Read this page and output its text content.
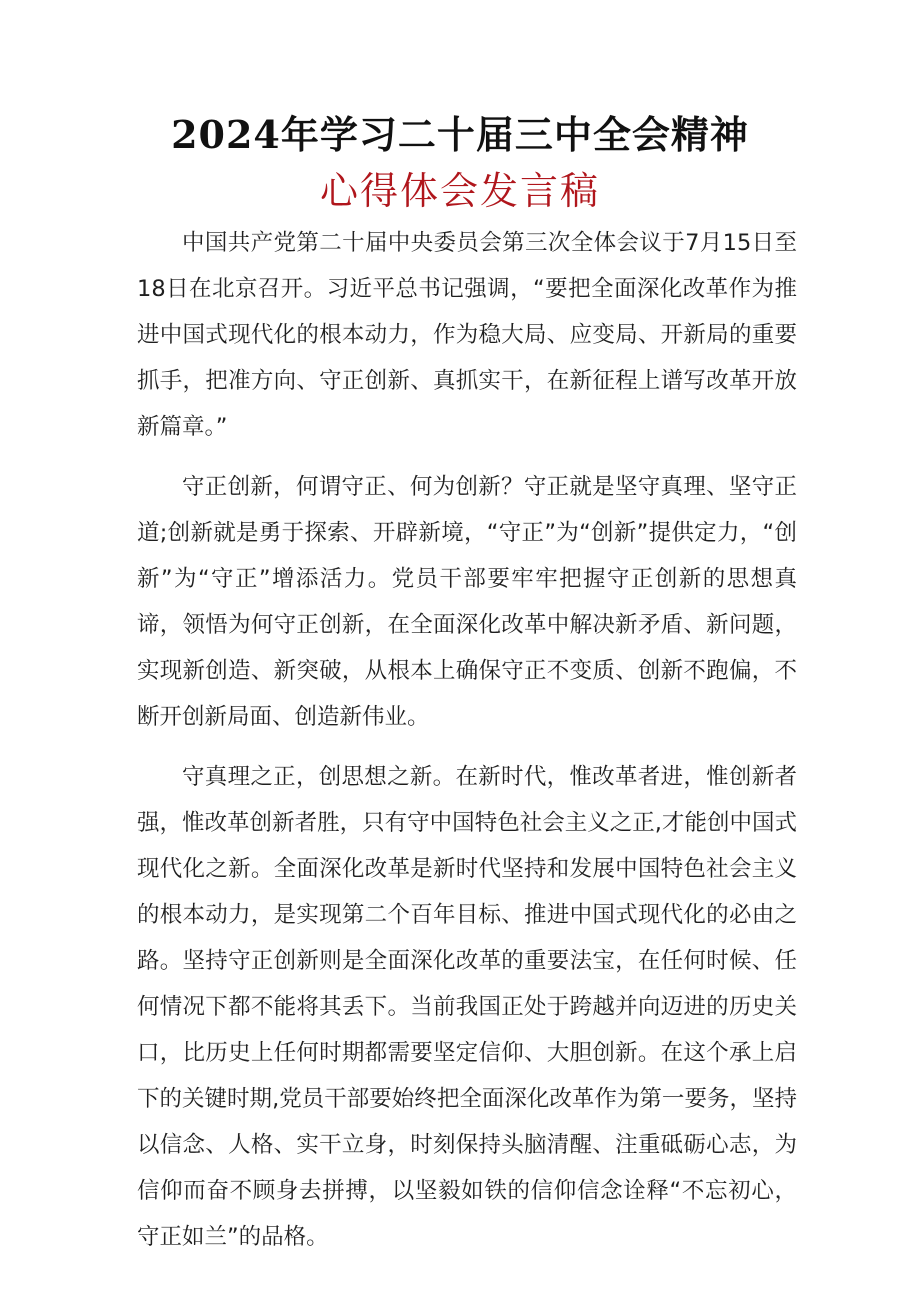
2024年学习二十届三中全会精神
心得体会发言稿

中国共产党第二十届中央委员会第三次全体会议于7月15日至18日在北京召开。习近平总书记强调，“要把全面深化改革作为推进中国式现代化的根本动力，作为稳大局、应变局、开新局的重要抓手，把准方向、守正创新、真抓实干，在新征程上谱写改革开放新篇章。”

守正创新，何谓守正、何为创新？守正就是坚守真理、坚守正道;创新就是勇于探索、开辟新境，“守正”为“创新”提供定力，“创新”为“守正”增添活力。党员干部要牢牢把握守正创新的思想真谛，领悟为何守正创新，在全面深化改革中解决新矛盾、新问题，实现新创造、新突破，从根本上确保守正不变质、创新不跑偏，不断开创新局面、创造新伟业。

守真理之正，创思想之新。在新时代，惟改革者进，惟创新者强，惟改革创新者胜，只有守中国特色社会主义之正,才能创中国式现代化之新。全面深化改革是新时代坚持和发展中国特色社会主义的根本动力，是实现第二个百年目标、推进中国式现代化的必由之路。坚持守正创新则是全面深化改革的重要法宝，在任何时候、任何情况下都不能将其丢下。当前我国正处于跨越并向迈进的历史关口，比历史上任何时期都需要坚定信仰、大胆创新。在这个承上启下的关键时期,党员干部要始终把全面深化改革作为第一要务，坚持以信念、人格、实干立身，时刻保持头脑清醒、注重砥砺心志，为信仰而奋不顾身去拼搏，以坚毅如铁的信仰信念诠释“不忘初心，守正如兰”的品格。
